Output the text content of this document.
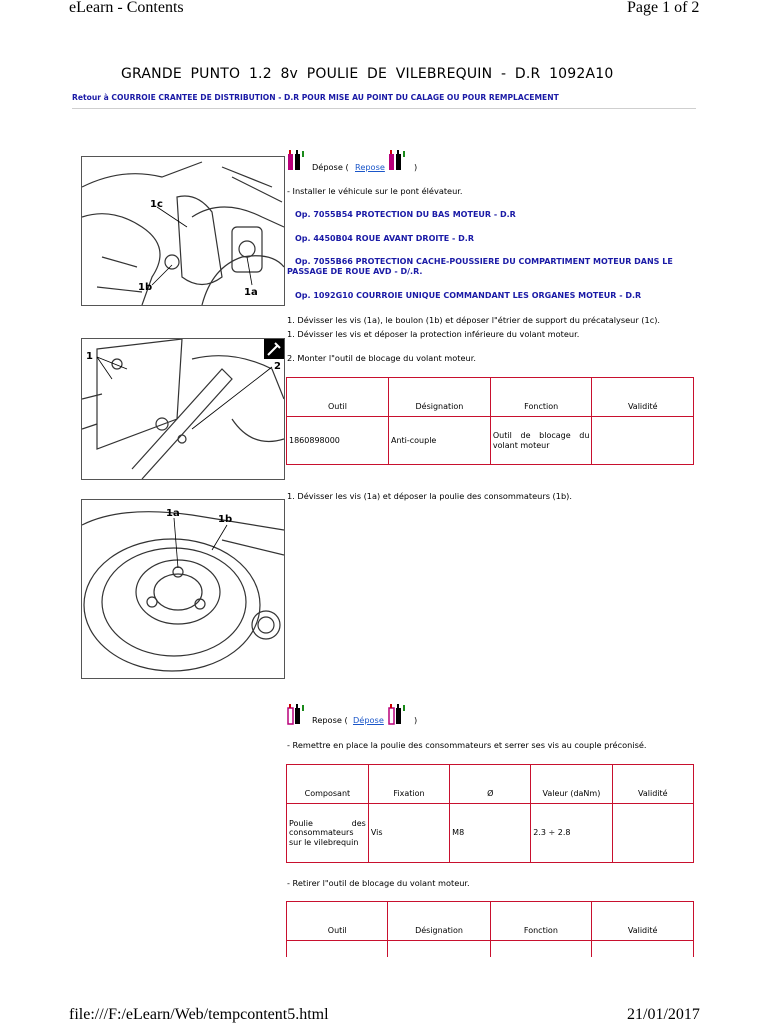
eLearn - Contents	Page 1 of 2
GRANDE PUNTO 1.2 8v POULIE DE VILEBREQUIN - D.R 1092A10
Retour à COURROIE CRANTEE DE DISTRIBUTION - D.R POUR MISE AU POINT DU CALAGE OU POUR REMPLACEMENT
Dépose ( Repose	)
- Installer le véhicule sur le pont élévateur.
Op. 7055B54 PROTECTION DU BAS MOTEUR - D.R
Op. 4450B04 ROUE AVANT DROITE - D.R
Op. 7055B66 PROTECTION CACHE-POUSSIERE DU COMPARTIMENT MOTEUR DANS LE PASSAGE DE ROUE AVD - D/.R.
Op. 1092G10 COURROIE UNIQUE COMMANDANT LES ORGANES MOTEUR - D.R
1c
1b	1a
1. Dévisser les vis (1a), le boulon (1b) et déposer l"étrier de support du précatalyseur (1c).
1. Dévisser les vis et déposer la protection inférieure du volant moteur.
1
2
2. Monter l"outil de blocage du volant moteur.
Outil	Désignation	Fonction	Validité
1860898000	Anti-couple	Outil de blocage du volant moteur	
1. Dévisser les vis (1a) et déposer la poulie des consommateurs (1b).
1a
1b
Repose ( Dépose	)
- Remettre en place la poulie des consommateurs et serrer ses vis au couple préconisé.
Composant	Fixation	Ø	Valeur (daNm)	Validité
Poulie des consommateurs sur le vilebrequin	Vis	M8	2.3 ÷ 2.8	
- Retirer l"outil de blocage du volant moteur.
Outil	Désignation	Fonction	Validité

file:///F:/eLearn/Web/tempcontent5.html	21/01/2017
